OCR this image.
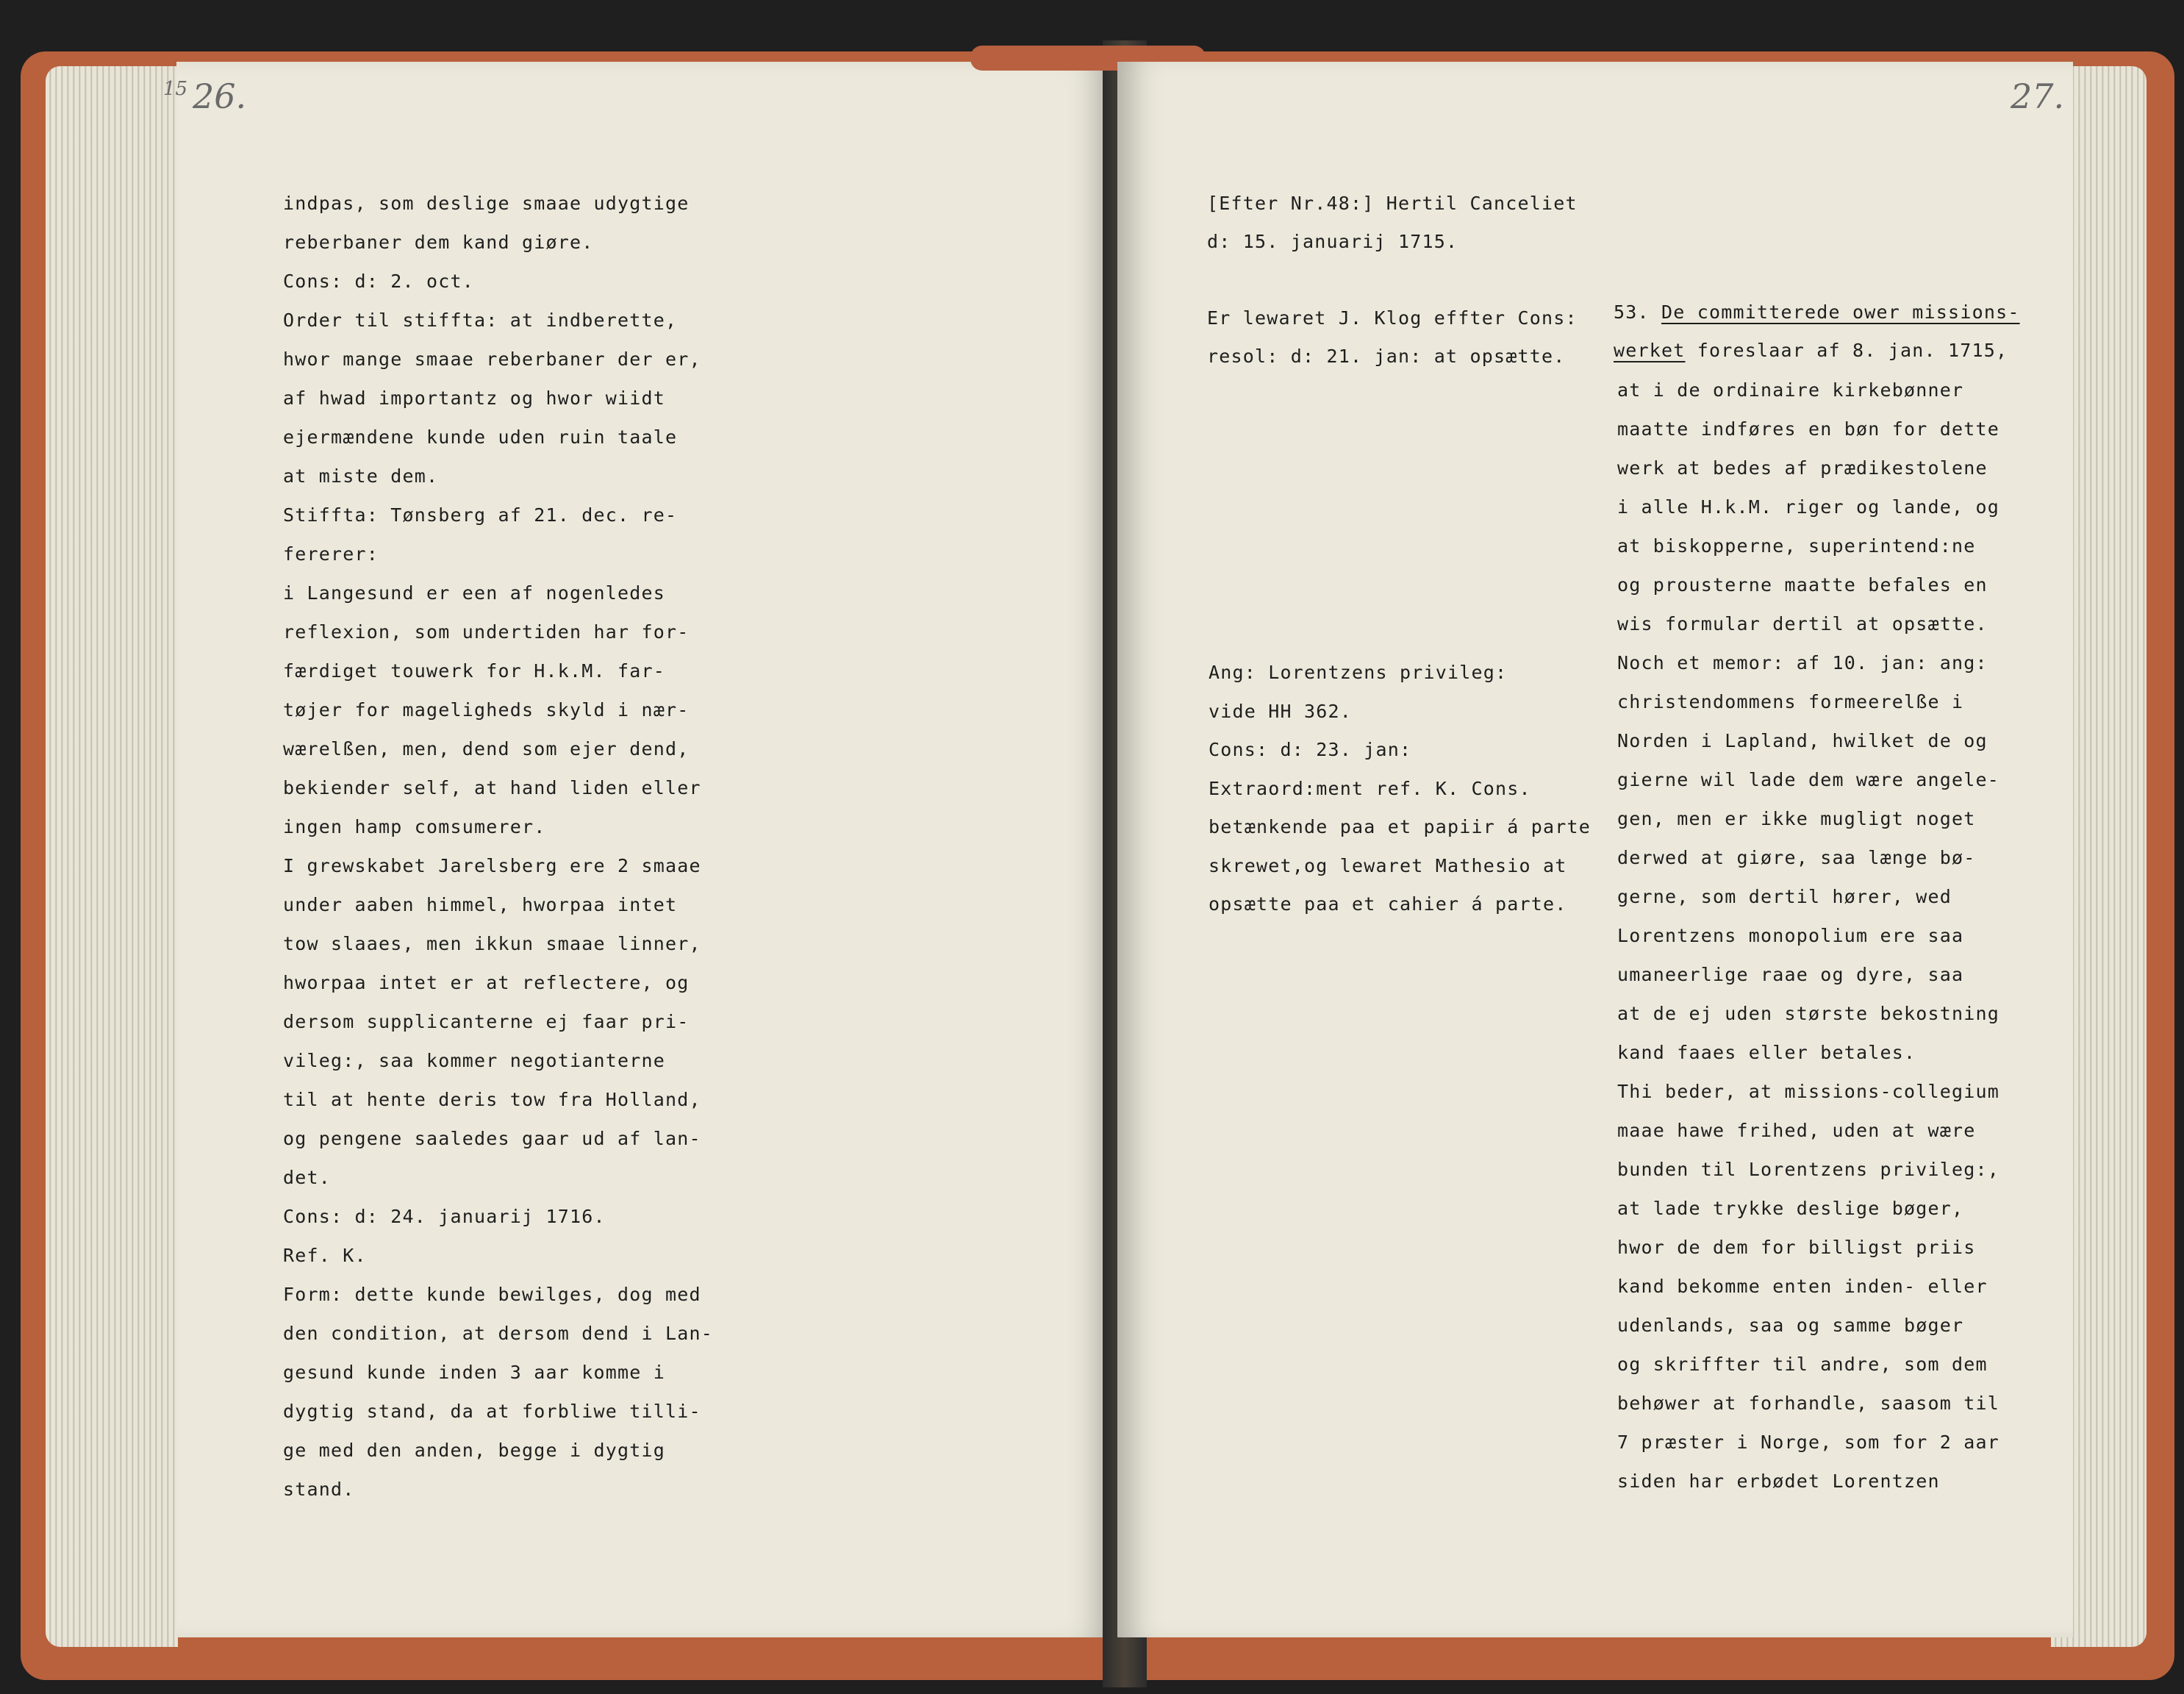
15 26.
indpas, som deslige smaae udygtige
reberbaner dem kand giøre.
Cons: d: 2. oct.
Order til stiffta: at indberette,
hwor mange smaae reberbaner der er,
af hwad importantz og hwor wiidt
ejermændene kunde uden ruin taale
at miste dem.
Stiffta: Tønsberg af 21. dec. re-
fererer:
i Langesund er een af nogenledes
reflexion, som undertiden har for-
færdiget touwerk for H.k.M. far-
tøjer for mageligheds skyld i nær-
wærelßen, men, dend som ejer dend,
bekiender self, at hand liden eller
ingen hamp comsumerer.
I grewskabet Jarelsberg ere 2 smaae
under aaben himmel, hworpaa intet
tow slaaes, men ikkun smaae linner,
hworpaa intet er at reflectere, og
dersom supplicanterne ej faar pri-
vileg:, saa kommer negotianterne
til at hente deris tow fra Holland,
og pengene saaledes gaar ud af lan-
det.
Cons: d: 24. januarij 1716.
Ref. K.
Form: dette kunde bewilges, dog med
den condition, at dersom dend i Lan-
gesund kunde inden 3 aar komme i
dygtig stand, da at forbliwe tilli-
ge med den anden, begge i dygtig
stand.
27.
[Efter Nr.48:] Hertil Canceliet
d: 15. januarij 1715.
Er lewaret J. Klog effter Cons:
resol: d: 21. jan: at opsætte.
Ang: Lorentzens privileg:
vide HH 362.
Cons: d: 23. jan:
Extraord:ment ref. K. Cons.
betænkende paa et papiir á parte
skrewet,og lewaret Mathesio at
opsætte paa et cahier á parte.
53. De committerede ower missions-
werket foreslaar af 8. jan. 1715,
at i de ordinaire kirkebønner
maatte indføres en bøn for dette
werk at bedes af prædikestolene
i alle H.k.M. riger og lande, og
at biskopperne, superintend:ne
og prousterne maatte befales en
wis formular dertil at opsætte.
Noch et memor: af 10. jan: ang:
christendommens formeerelße i
Norden i Lapland, hwilket de og
gierne wil lade dem wære angele-
gen, men er ikke mugligt noget
derwed at giøre, saa længe bø-
gerne, som dertil hører, wed
Lorentzens monopolium ere saa
umaneerlige raae og dyre, saa
at de ej uden største bekostning
kand faaes eller betales.
Thi beder, at missions-collegium
maae hawe frihed, uden at wære
bunden til Lorentzens privileg:,
at lade trykke deslige bøger,
hwor de dem for billigst priis
kand bekomme enten inden- eller
udenlands, saa og samme bøger
og skriffter til andre, som dem
behøwer at forhandle, saasom til
7 præster i Norge, som for 2 aar
siden har erbødet Lorentzen
